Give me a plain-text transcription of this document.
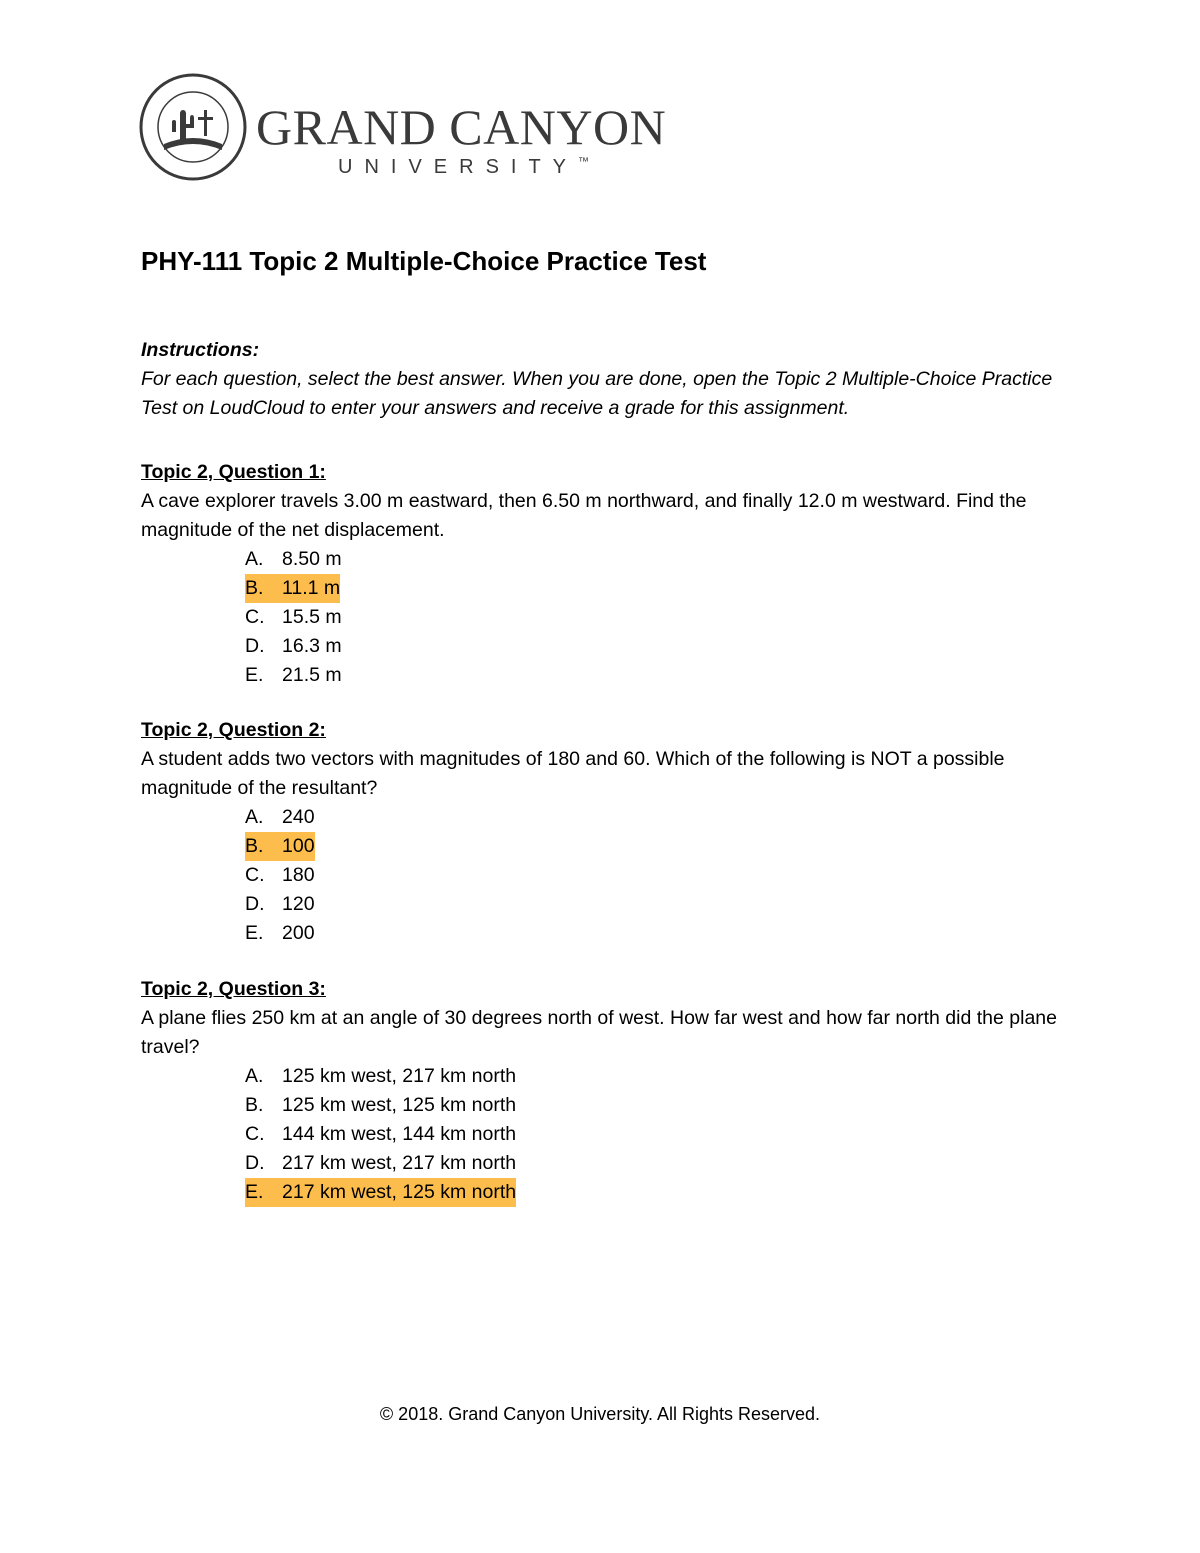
GRAND CANYON
UNIVERSITY™
PHY-111 Topic 2 Multiple-Choice Practice Test
Instructions:
For each question, select the best answer. When you are done, open the Topic 2 Multiple-Choice Practice Test on LoudCloud to enter your answers and receive a grade for this assignment.
Topic 2, Question 1:
A cave explorer travels 3.00 m eastward, then 6.50 m northward, and finally 12.0 m westward. Find the magnitude of the net displacement.
A. 8.50 m
B. 11.1 m
C. 15.5 m
D. 16.3 m
E. 21.5 m
Topic 2, Question 2:
A student adds two vectors with magnitudes of 180 and 60. Which of the following is NOT a possible magnitude of the resultant?
A. 240
B. 100
C. 180
D. 120
E. 200
Topic 2, Question 3:
A plane flies 250 km at an angle of 30 degrees north of west. How far west and how far north did the plane travel?
A. 125 km west, 217 km north
B. 125 km west, 125 km north
C. 144 km west, 144 km north
D. 217 km west, 217 km north
E. 217 km west, 125 km north
© 2018. Grand Canyon University. All Rights Reserved.
